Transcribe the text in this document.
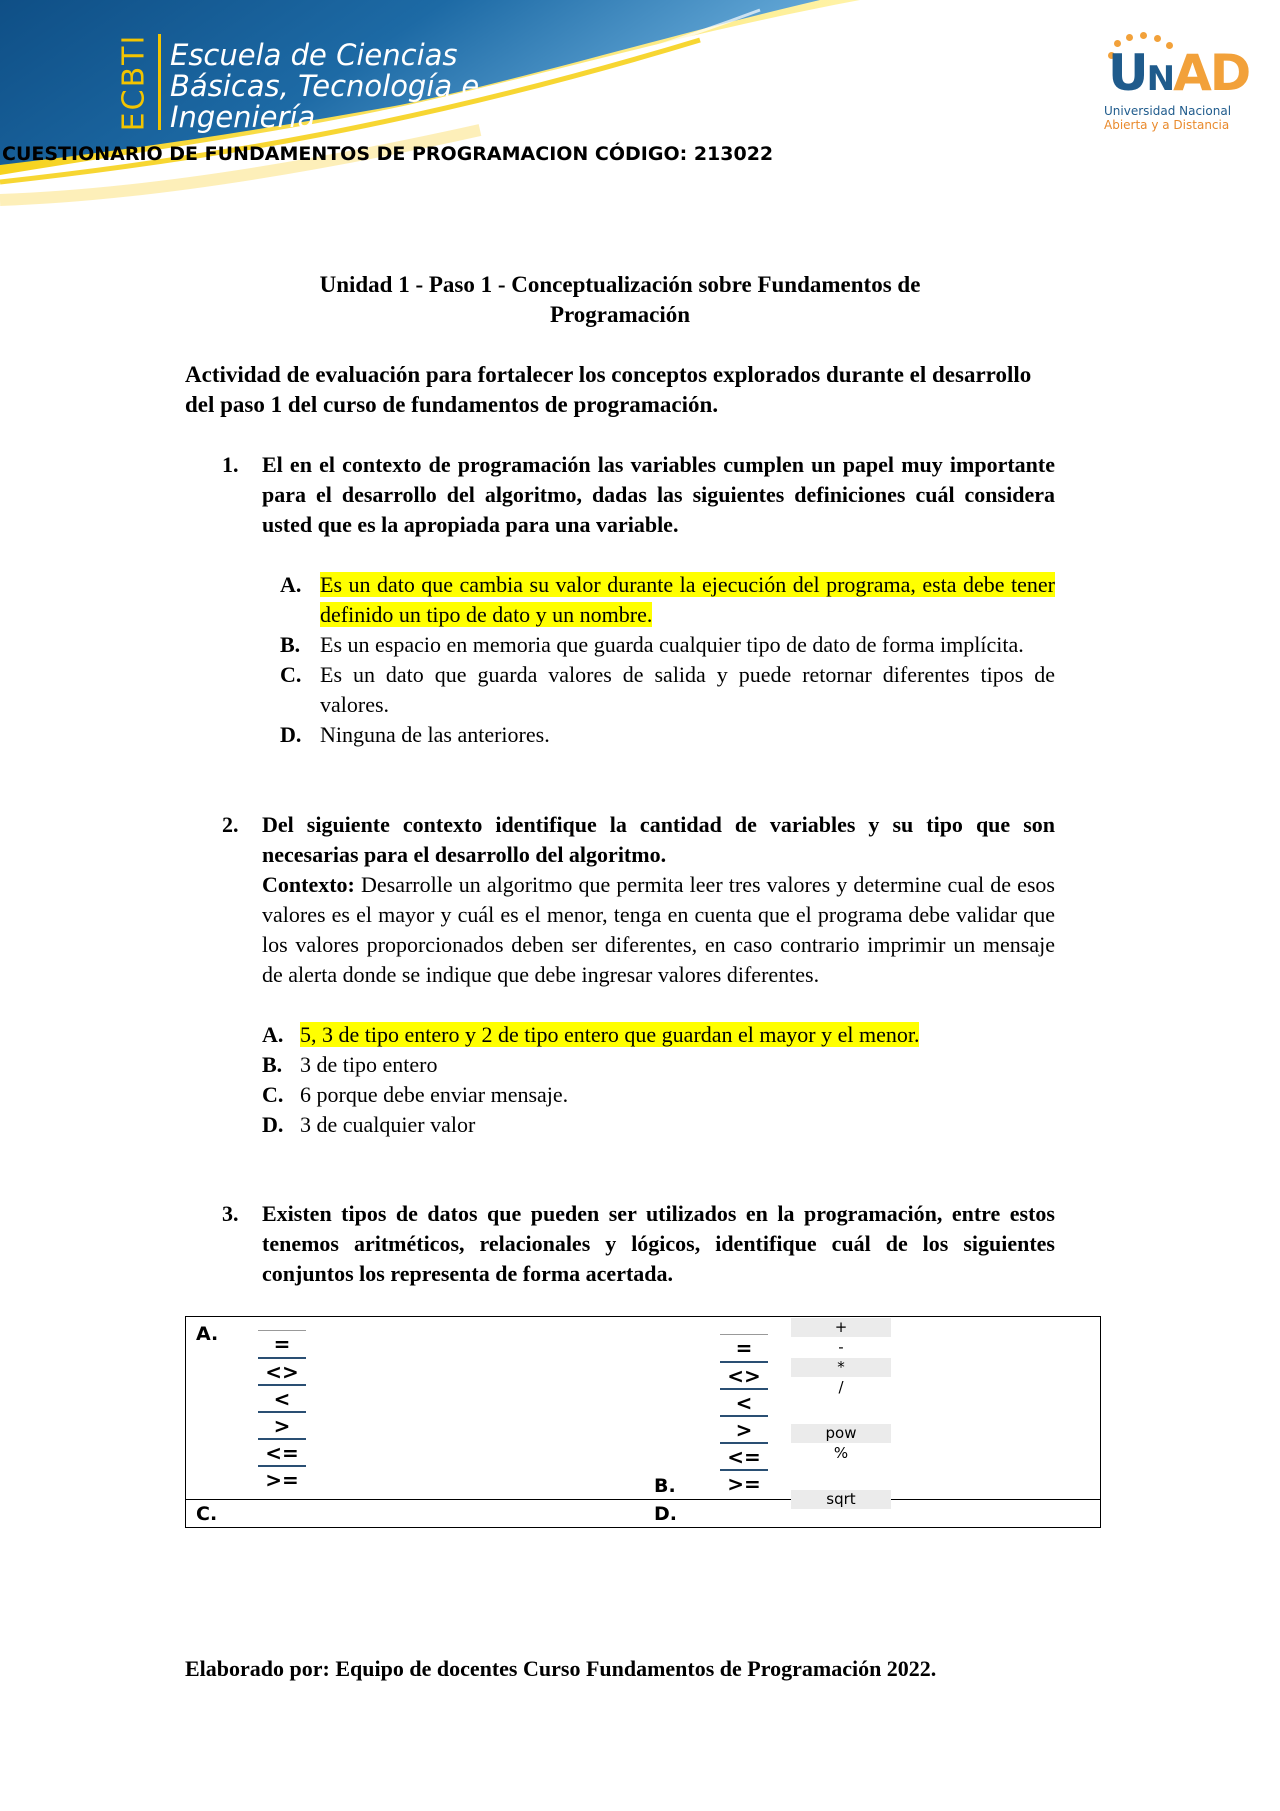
ECBTI Escuela de Ciencias
Básicas, Tecnología e
Ingeniería
CUESTIONARIO DE FUNDAMENTOS DE PROGRAMACION CÓDIGO: 213022
UNAD
Universidad Nacional
Abierta y a Distancia
Unidad 1 - Paso 1 - Conceptualización sobre Fundamentos de
Programación
Actividad de evaluación para fortalecer los conceptos explorados durante el desarrollo del paso 1 del curso de fundamentos de programación.
1. El en el contexto de programación las variables cumplen un papel muy importante para el desarrollo del algoritmo, dadas las siguientes definiciones cuál considera usted que es la apropiada para una variable.
A. Es un dato que cambia su valor durante la ejecución del programa, esta debe tener definido un tipo de dato y un nombre.
B. Es un espacio en memoria que guarda cualquier tipo de dato de forma implícita.
C. Es un dato que guarda valores de salida y puede retornar diferentes tipos de valores.
D. Ninguna de las anteriores.
2. Del siguiente contexto identifique la cantidad de variables y su tipo que son necesarias para el desarrollo del algoritmo.
Contexto: Desarrolle un algoritmo que permita leer tres valores y determine cual de esos valores es el mayor y cuál es el menor, tenga en cuenta que el programa debe validar que los valores proporcionados deben ser diferentes, en caso contrario imprimir un mensaje de alerta donde se indique que debe ingresar valores diferentes.
A. 5, 3 de tipo entero y 2 de tipo entero que guardan el mayor y el menor.
B. 3 de tipo entero
C. 6 porque debe enviar mensaje.
D. 3 de cualquier valor
3. Existen tipos de datos que pueden ser utilizados en la programación, entre estos tenemos aritméticos, relacionales y lógicos, identifique cuál de los siguientes conjuntos los representa de forma acertada.
A.
B.
C.	D.
=
<>
<
>
<=
>=
=
<>
<
>
<=
>=
+
-
*
/
pow
%
sqrt
Elaborado por: Equipo de docentes Curso Fundamentos de Programación 2022.
